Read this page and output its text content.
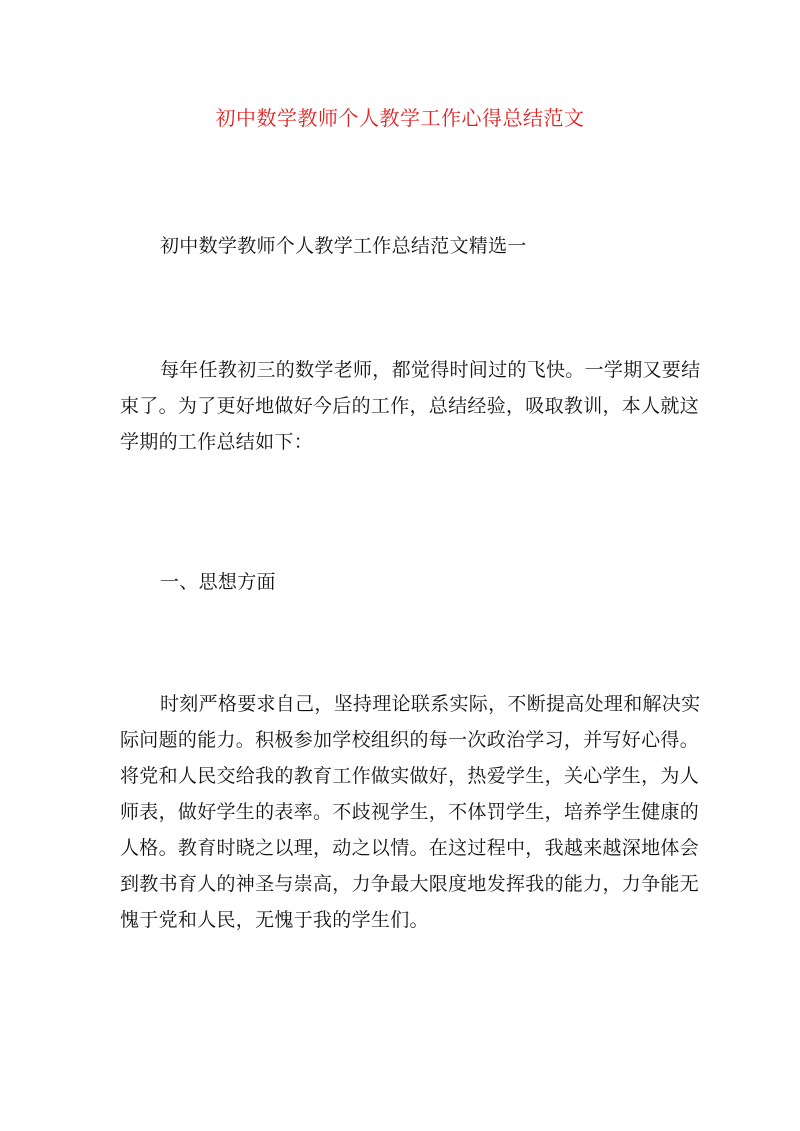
初中数学教师个人教学工作心得总结范文
初中数学教师个人教学工作总结范文精选一
每年任教初三的数学老师，都觉得时间过的飞快。一学期又要结
束了。为了更好地做好今后的工作，总结经验，吸取教训，本人就这
学期的工作总结如下：
一、思想方面
时刻严格要求自己，坚持理论联系实际，不断提高处理和解决实
际问题的能力。积极参加学校组织的每一次政治学习，并写好心得。
将党和人民交给我的教育工作做实做好，热爱学生，关心学生，为人
师表，做好学生的表率。不歧视学生，不体罚学生，培养学生健康的
人格。教育时晓之以理，动之以情。在这过程中，我越来越深地体会
到教书育人的神圣与崇高，力争最大限度地发挥我的能力，力争能无
愧于党和人民，无愧于我的学生们。
